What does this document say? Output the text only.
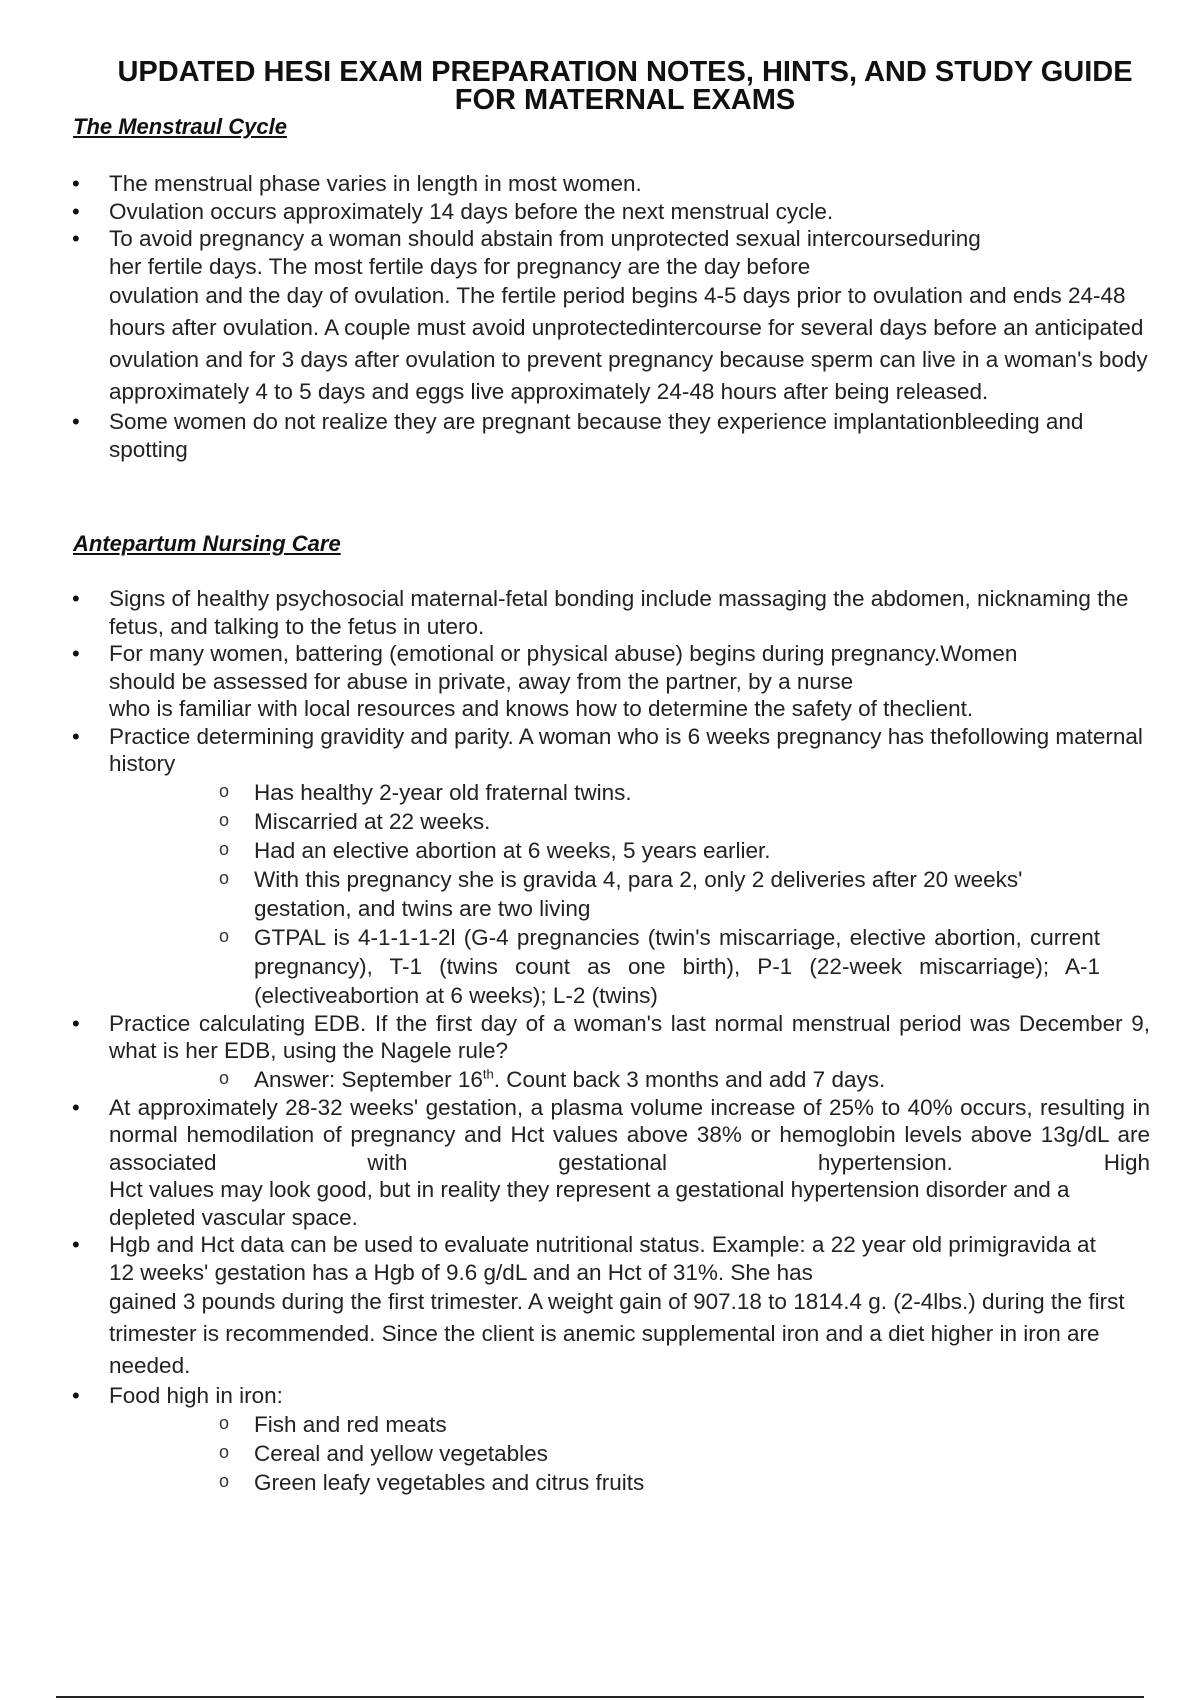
UPDATED HESI EXAM PREPARATION NOTES, HINTS, AND STUDY GUIDE
FOR MATERNAL EXAMS
The Menstraul Cycle
• The menstrual phase varies in length in most women.
• Ovulation occurs approximately 14 days before the next menstrual cycle.
• To avoid pregnancy a woman should abstain from unprotected sexual intercourseduring
her fertile days. The most fertile days for pregnancy are the day before
ovulation and the day of ovulation. The fertile period begins 4-5 days prior to ovulation and ends 24-48 hours after ovulation. A couple must avoid unprotectedintercourse for several days before an anticipated ovulation and for 3 days after ovulation to prevent pregnancy because sperm can live in a woman's body approximately 4 to 5 days and eggs live approximately 24-48 hours after being released.
• Some women do not realize they are pregnant because they experience implantationbleeding and spotting
Antepartum Nursing Care
• Signs of healthy psychosocial maternal-fetal bonding include massaging the abdomen, nicknaming the fetus, and talking to the fetus in utero.
• For many women, battering (emotional or physical abuse) begins during pregnancy.Women
should be assessed for abuse in private, away from the partner, by a nurse
who is familiar with local resources and knows how to determine the safety of theclient.
• Practice determining gravidity and parity. A woman who is 6 weeks pregnancy has thefollowing maternal history
o Has healthy 2-year old fraternal twins.
o Miscarried at 22 weeks.
o Had an elective abortion at 6 weeks, 5 years earlier.
o With this pregnancy she is gravida 4, para 2, only 2 deliveries after 20 weeks' gestation, and twins are two living
o GTPAL is 4-1-1-1-2l (G-4 pregnancies (twin's miscarriage, elective abortion, current pregnancy), T-1 (twins count as one birth), P-1 (22-week miscarriage); A-1 (electiveabortion at 6 weeks); L-2 (twins)
• Practice calculating EDB. If the first day of a woman's last normal menstrual period was December 9, what is her EDB, using the Nagele rule?
o Answer: September 16th. Count back 3 months and add 7 days.
• At approximately 28-32 weeks' gestation, a plasma volume increase of 25% to 40% occurs, resulting in normal hemodilation of pregnancy and Hct values above 38% or hemoglobin levels above 13g/dL are associated with gestational hypertension. High
Hct values may look good, but in reality they represent a gestational hypertension disorder and a depleted vascular space.
• Hgb and Hct data can be used to evaluate nutritional status. Example: a 22 year old primigravida at
12 weeks' gestation has a Hgb of 9.6 g/dL and an Hct of 31%. She has
gained 3 pounds during the first trimester. A weight gain of 907.18 to 1814.4 g. (2-4lbs.) during the first trimester is recommended. Since the client is anemic supplemental iron and a diet higher in iron are needed.
• Food high in iron:
o Fish and red meats
o Cereal and yellow vegetables
o Green leafy vegetables and citrus fruits
